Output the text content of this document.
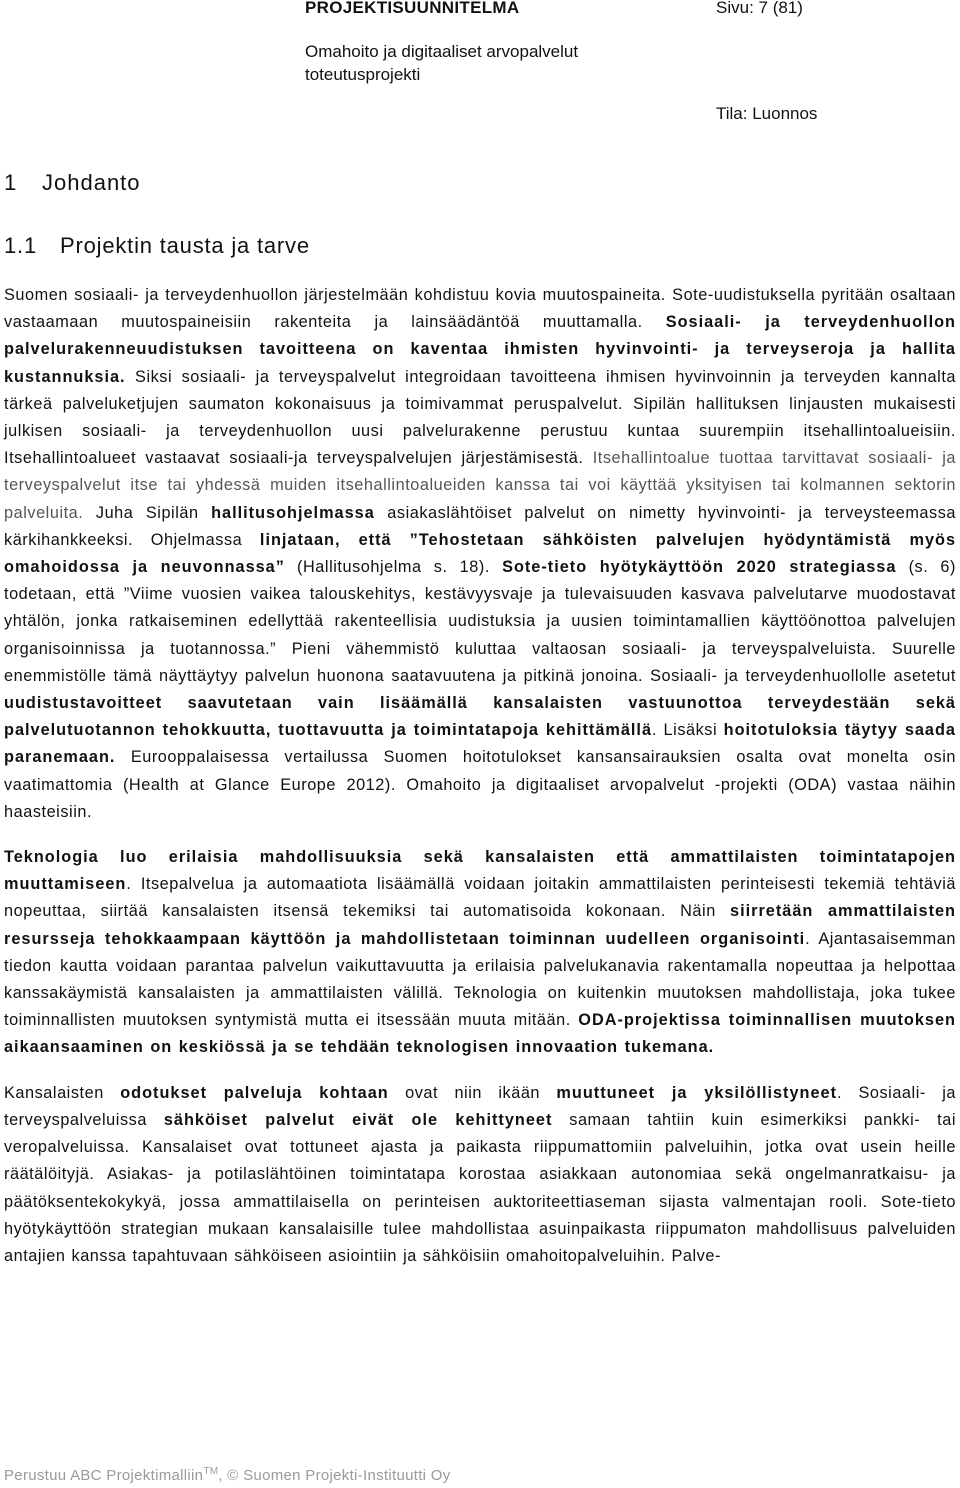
PROJEKTISUUNNITELMA	Sivu: 7 (81)
Omahoito ja digitaaliset arvopalvelut
toteutusprojekti
Tila: Luonnos
1 Johdanto
1.1 Projektin tausta ja tarve

Suomen sosiaali- ja terveydenhuollon järjestelmään kohdistuu kovia muutospaineita. Sote-uudistuksella pyritään osaltaan vastaamaan muutospaineisiin rakenteita ja lainsäädäntöä muuttamalla. Sosiaali- ja terveydenhuollon palvelurakenneuudistuksen tavoitteena on kaventaa ihmisten hyvinvointi- ja terveyseroja ja hallita kustannuksia. Siksi sosiaali- ja terveyspalvelut integroidaan tavoitteena ihmisen hyvinvoinnin ja terveyden kannalta tärkeä palveluketjujen saumaton kokonaisuus ja toimivammat peruspalvelut. Sipilän hallituksen linjausten mukaisesti julkisen sosiaali- ja terveydenhuollon uusi palvelurakenne perustuu kuntaa suurempiin itsehallintoalueisiin. Itsehallintoalueet vastaavat sosiaali-ja terveyspalvelujen järjestämisestä. Itsehallintoalue tuottaa tarvittavat sosiaali- ja terveyspalvelut itse tai yhdessä muiden itsehallintoalueiden kanssa tai voi käyttää yksityisen tai kolmannen sektorin palveluita. Juha Sipilän hallitusohjelmassa asiakaslähtöiset palvelut on nimetty hyvinvointi- ja terveysteemassa kärkihankkeeksi. Ohjelmassa linjataan, että ”Tehostetaan sähköisten palvelujen hyödyntämistä myös omahoidossa ja neuvonnassa” (Hallitusohjelma s. 18). Sote-tieto hyötykäyttöön 2020 strategiassa (s. 6) todetaan, että ”Viime vuosien vaikea talouskehitys, kestävyysvaje ja tulevaisuuden kasvava palvelutarve muodostavat yhtälön, jonka ratkaiseminen edellyttää rakenteellisia uudistuksia ja uusien toimintamallien käyttöönottoa palvelujen organisoinnissa ja tuotannossa.” Pieni vähemmistö kuluttaa valtaosan sosiaali- ja terveyspalveluista. Suurelle enemmistölle tämä näyttäytyy palvelun huonona saatavuutena ja pitkinä jonoina. Sosiaali- ja terveydenhuollolle asetetut uudistustavoitteet saavutetaan vain lisäämällä kansalaisten vastuunottoa terveydestään sekä palvelutuotannon tehokkuutta, tuottavuutta ja toimintatapoja kehittämällä. Lisäksi hoitotuloksia täytyy saada paranemaan. Eurooppalaisessa vertailussa Suomen hoitotulokset kansansairauksien osalta ovat monelta osin vaatimattomia (Health at Glance Europe 2012). Omahoito ja digitaaliset arvopalvelut -projekti (ODA) vastaa näihin haasteisiin.

Teknologia luo erilaisia mahdollisuuksia sekä kansalaisten että ammattilaisten toimintatapojen muuttamiseen. Itsepalvelua ja automaatiota lisäämällä voidaan joitakin ammattilaisten perinteisesti tekemiä tehtäviä nopeuttaa, siirtää kansalaisten itsensä tekemiksi tai automatisoida kokonaan. Näin siirretään ammattilaisten resursseja tehokkaampaan käyttöön ja mahdollistetaan toiminnan uudelleen organisointi. Ajantasaisemman tiedon kautta voidaan parantaa palvelun vaikuttavuutta ja erilaisia palvelukanavia rakentamalla nopeuttaa ja helpottaa kanssakäymistä kansalaisten ja ammattilaisten välillä. Teknologia on kuitenkin muutoksen mahdollistaja, joka tukee toiminnallisten muutoksen syntymistä mutta ei itsessään muuta mitään. ODA-projektissa toiminnallisen muutoksen aikaansaaminen on keskiössä ja se tehdään teknologisen innovaation tukemana.

Kansalaisten odotukset palveluja kohtaan ovat niin ikään muuttuneet ja yksilöllistyneet. Sosiaali- ja terveyspalveluissa sähköiset palvelut eivät ole kehittyneet samaan tahtiin kuin esimerkiksi pankki- tai veropalveluissa. Kansalaiset ovat tottuneet ajasta ja paikasta riippumattomiin palveluihin, jotka ovat usein heille räätälöityjä. Asiakas- ja potilaslähtöinen toimintatapa korostaa asiakkaan autonomiaa sekä ongelmanratkaisu- ja päätöksentekokykyä, jossa ammattilaisella on perinteisen auktoriteettiaseman sijasta valmentajan rooli. Sote-tieto hyötykäyttöön strategian mukaan kansalaisille tulee mahdollistaa asuinpaikasta riippumaton mahdollisuus palveluiden antajien kanssa tapahtuvaan sähköiseen asiointiin ja sähköisiin omahoitopalveluihin. Palve-

Perustuu ABC Projektimalliin™, © Suomen Projekti-Instituutti Oy
